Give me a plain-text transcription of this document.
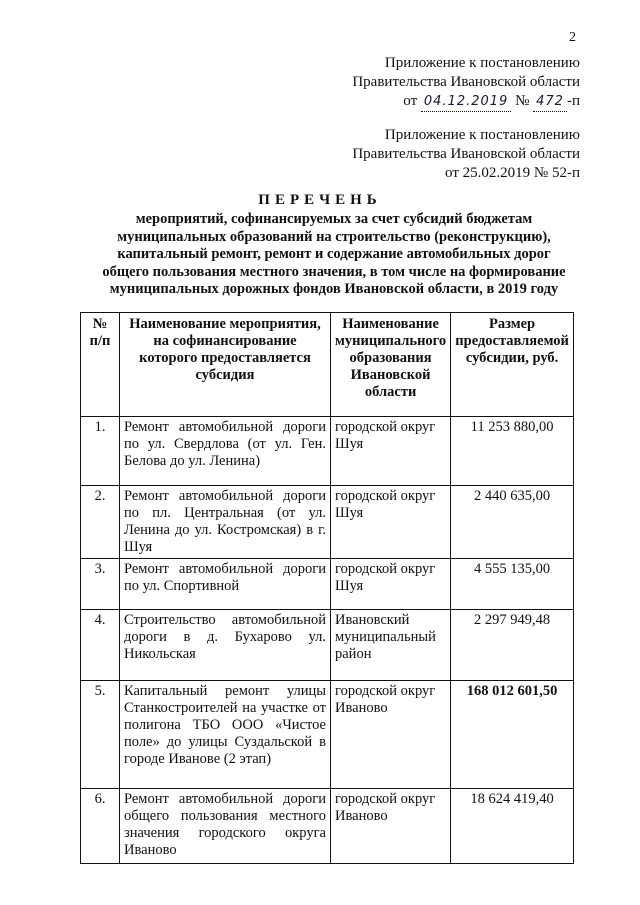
2
Приложение к постановлению
Правительства Ивановской области
от 04.12.2019 № 472 -п
Приложение к постановлению
Правительства Ивановской области
от 25.02.2019 № 52-п
ПЕРЕЧЕНЬ
мероприятий, софинансируемых за счет субсидий бюджетам муниципальных образований на строительство (реконструкцию), капитальный ремонт, ремонт и содержание автомобильных дорог общего пользования местного значения, в том числе на формирование муниципальных дорожных фондов Ивановской области, в 2019 году
№ п/п	Наименование мероприятия, на софинансирование которого предоставляется субсидия	Наименование муниципального образования Ивановской области	Размер предоставляемой субсидии, руб.
1.	Ремонт автомобильной дороги по ул. Свердлова (от ул. Ген. Белова до ул. Ленина)	городской округ Шуя	11 253 880,00
2.	Ремонт автомобильной дороги по пл. Центральная (от ул. Ленина до ул. Костромская) в г. Шуя	городской округ Шуя	2 440 635,00
3.	Ремонт автомобильной дороги по ул. Спортивной	городской округ Шуя	4 555 135,00
4.	Строительство автомобильной дороги в д. Бухарово ул. Никольская	Ивановский муниципальный район	2 297 949,48
5.	Капитальный ремонт улицы Станкостроителей на участке от полигона ТБО ООО «Чистое поле» до улицы Суздальской в городе Иванове (2 этап)	городской округ Иваново	168 012 601,50
6.	Ремонт автомобильной дороги общего пользования местного значения городского округа Иваново	городской округ Иваново	18 624 419,40
